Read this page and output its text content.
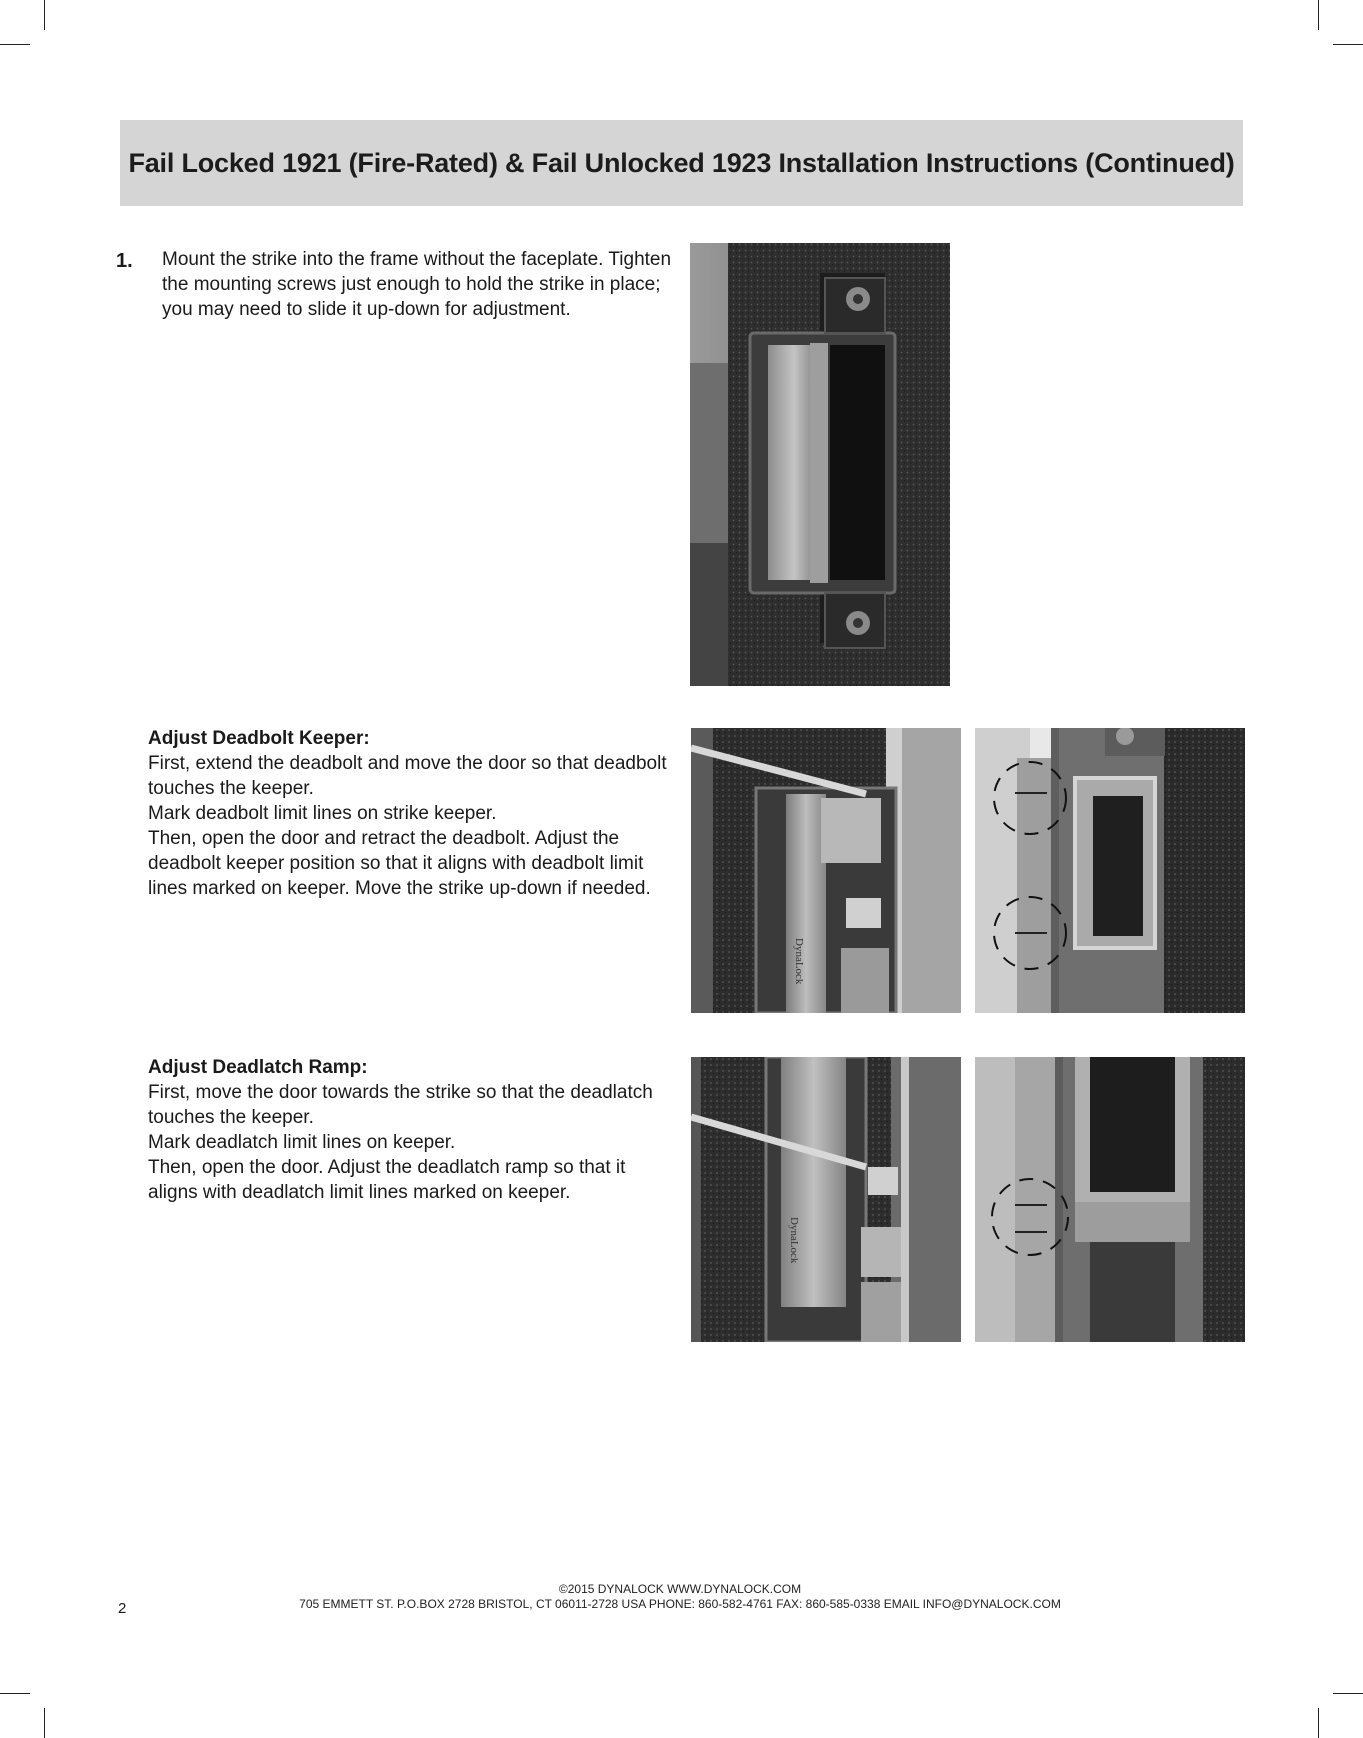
Fail Locked 1921 (Fire-Rated) & Fail Unlocked 1923 Installation Instructions (Continued)
1. Mount the strike into the frame without the faceplate. Tighten
the mounting screws just enough to hold the strike in place;
you may need to slide it up-down for adjustment.
Adjust Deadbolt Keeper:

First, extend the deadbolt and move the door so that deadbolt

touches the keeper.

Mark deadbolt limit lines on strike keeper.

Then, open the door and retract the deadbolt. Adjust the

deadbolt keeper position so that it aligns with deadbolt limit

lines marked on keeper. Move the strike up-down if needed.

Adjust Deadlatch Ramp:

First, move the door towards the strike so that the deadlatch

touches the keeper.

Mark deadlatch limit lines on keeper.

Then, open the door. Adjust the deadlatch ramp so that it

aligns with deadlatch limit lines marked on keeper.

DynaLock
DynaLock
2
©2015 DYNALOCK WWW.DYNALOCK.COM
705 EMMETT ST. P.O.BOX 2728 BRISTOL, CT 06011-2728 USA PHONE: 860-582-4761 FAX: 860-585-0338 EMAIL INFO@DYNALOCK.COM
